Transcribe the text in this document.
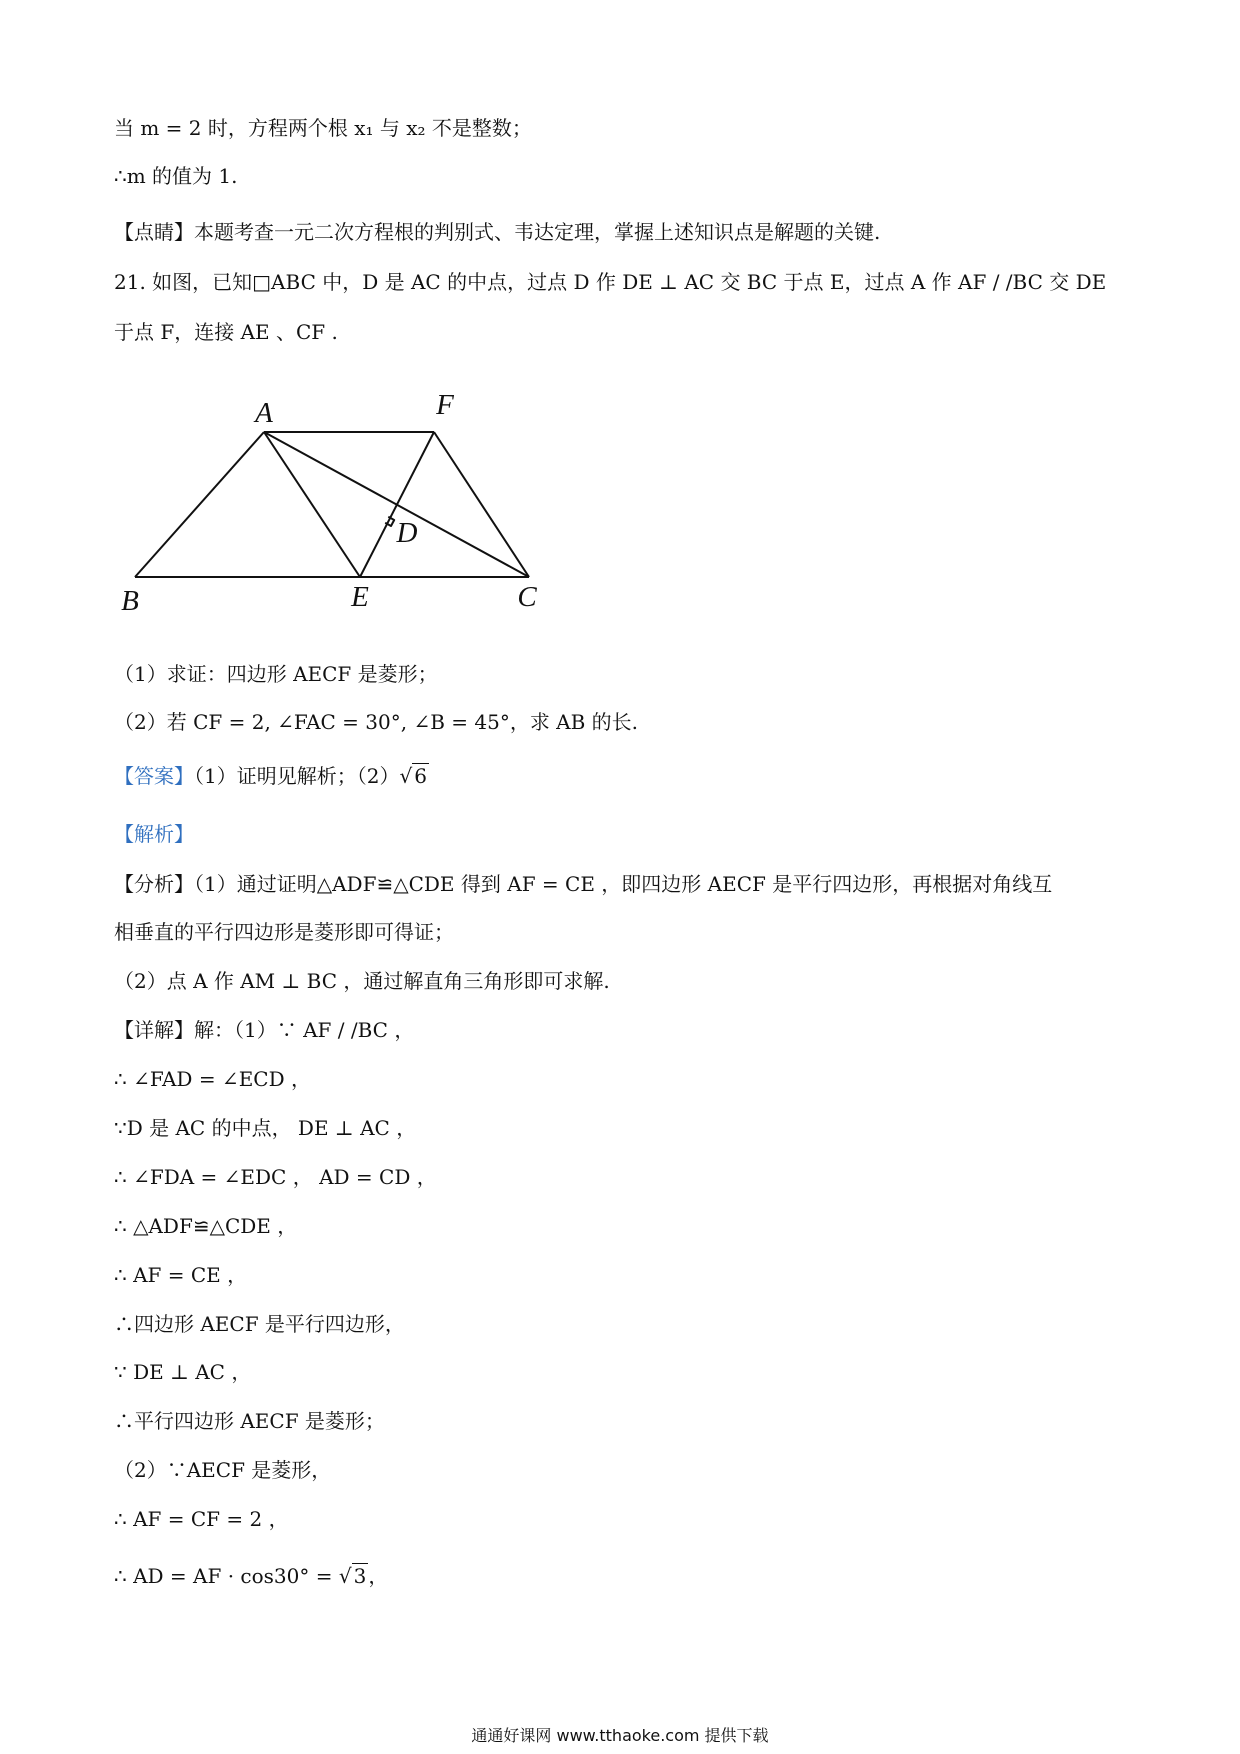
当 m = 2 时，方程两个根 x₁ 与 x₂ 不是整数；
∴m 的值为 1.
【点睛】本题考查一元二次方程根的判别式、韦达定理，掌握上述知识点是解题的关键.
21. 如图，已知□ABC 中，D 是 AC 的中点，过点 D 作 DE ⊥ AC 交 BC 于点 E，过点 A 作 AF / /BC 交 DE
于点 F，连接 AE 、CF .
A	F
D
B	E	C
（1）求证：四边形 AECF 是菱形；
（2）若 CF = 2, ∠FAC = 30°, ∠B = 45°，求 AB 的长.
【答案】（1）证明见解析；（2）√ 6
【解析】
【分析】（1）通过证明△ADF≌△CDE 得到 AF = CE ，即四边形 AECF 是平行四边形，再根据对角线互
相垂直的平行四边形是菱形即可得证；
（2）点 A 作 AM ⊥ BC ，通过解直角三角形即可求解.
【详解】解：（1）∵ AF / /BC ，
∴ ∠FAD = ∠ECD ，
∵D 是 AC 的中点， DE ⊥ AC ，
∴ ∠FDA = ∠EDC ， AD = CD ，
∴ △ADF≌△CDE ，
∴ AF = CE ，
∴四边形 AECF 是平行四边形，
∵ DE ⊥ AC ，
∴平行四边形 AECF 是菱形；
（2）∵AECF 是菱形，
∴ AF = CF = 2 ，
∴ AD = AF · cos30° = √ 3 ，
通通好课网 www.tthaoke.com 提供下载
